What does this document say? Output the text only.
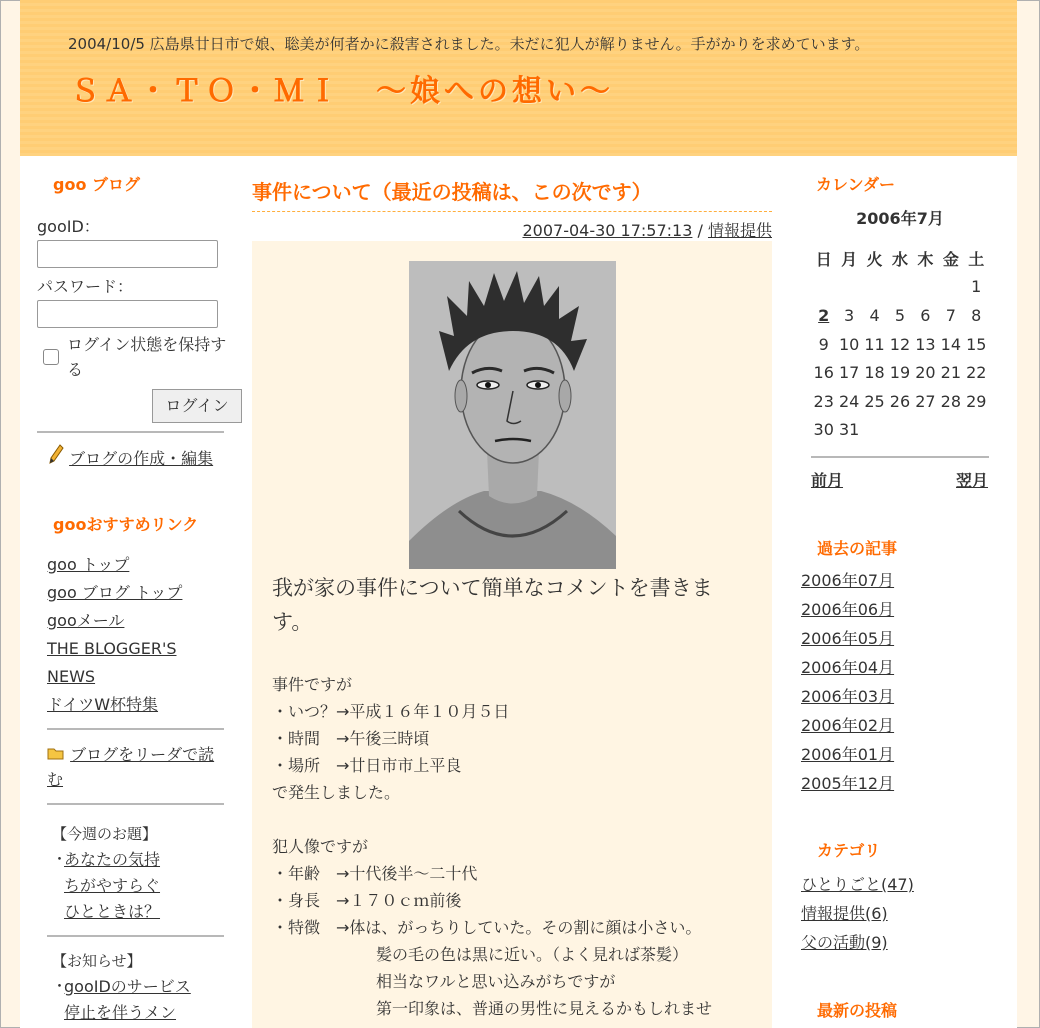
2004/10/5 広島県廿日市で娘、聡美が何者かに殺害されました。未だに犯人が解りません。手がかりを求めています。
ＳＡ・ＴＯ・ＭＩ　～娘への想い～
goo ブログ
gooID：
パスワード：
ログイン状態を保持す
る
ログイン
ブログの作成・編集
gooおすすめリンク
goo トップ
goo ブログ トップ
gooメール
THE BLOGGER'S
NEWS
ドイツW杯特集
ブログをリーダで読
む
【今週のお題】
・
あなたの気持
ちがやすらぐ
ひとときは？
【お知らせ】
・
gooIDのサービス
停止を伴うメン
事件について（最近の投稿は、この次です）
2007-04-30 17:57:13 / 情報提供
我が家の事件について簡単なコメントを書きます。
事件ですが
・いつ？→平成１６年１０月５日
・時間　→午後三時頃
・場所　→廿日市市上平良
で発生しました。
犯人像ですが
・年齢　→十代後半～二十代
・身長　→１７０ｃｍ前後
・特徴　→体は、がっちりしていた。その割に顔は小さい。
髪の毛の色は黒に近い。（よく見れば茶髪）
相当なワルと思い込みがちですが
第一印象は、普通の男性に見えるかもしれませ
カレンダー
2006年7月
日	月	火	水	木	金	土
						1
2	3	4	5	6	7	8
9	10	11	12	13	14	15
16	17	18	19	20	21	22
23	24	25	26	27	28	29
30	31					
前月	翌月
過去の記事
2006年07月
2006年06月
2006年05月
2006年04月
2006年03月
2006年02月
2006年01月
2005年12月
カテゴリ
ひとりごと(47)
情報提供(6)
父の活動(9)
最新の投稿
